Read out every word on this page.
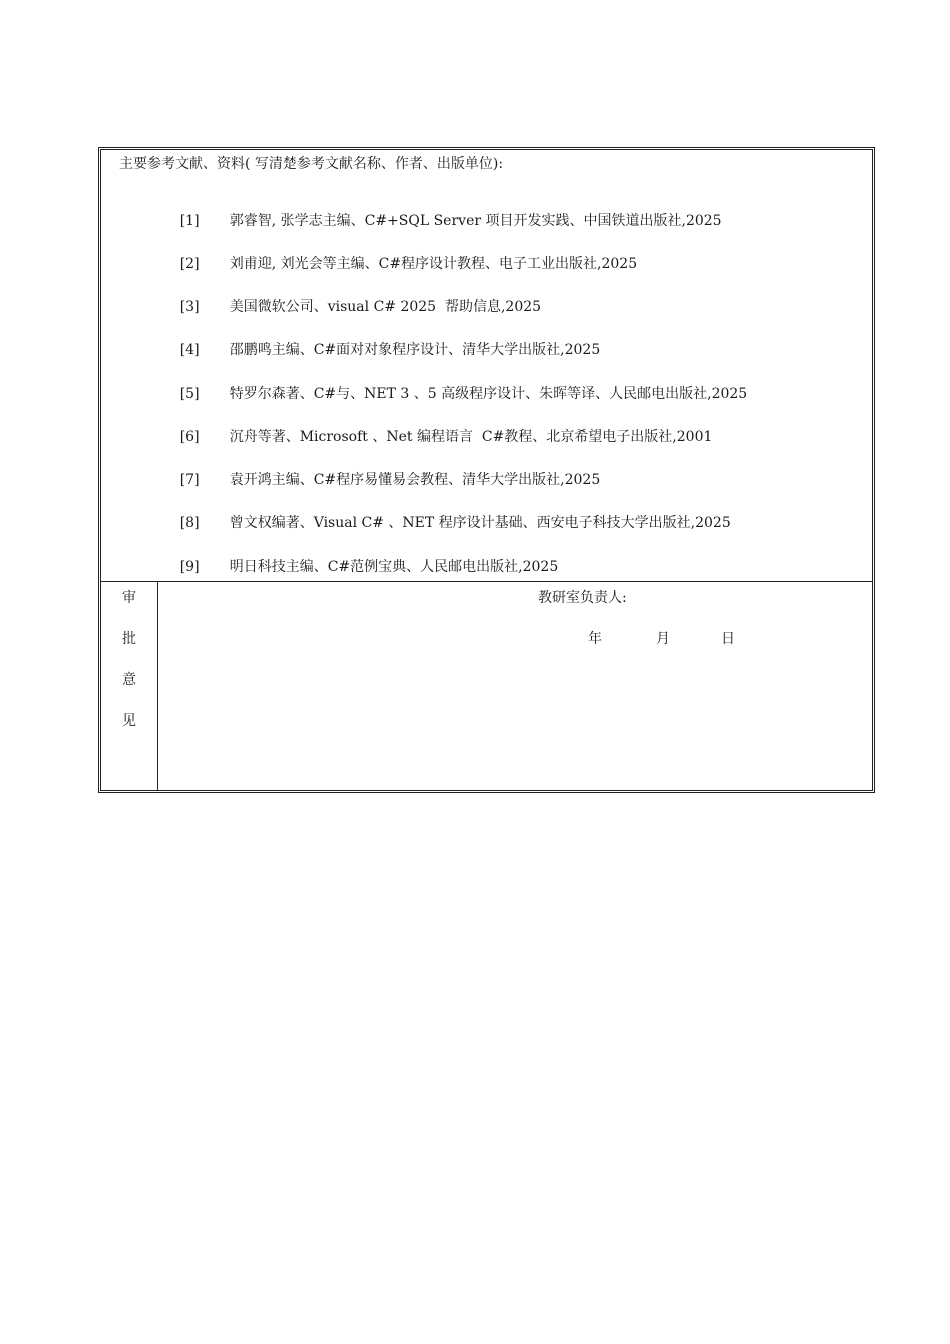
主要参考文献、资料( 写清楚参考文献名称、作者、出版单位):

[1] 郭睿智, 张学志主编、C#+SQL Server 项目开发实践、中国铁道出版社,2025

[2] 刘甫迎, 刘光会等主编、C#程序设计教程、电子工业出版社,2025

[3] 美国微软公司、visual C# 2025  帮助信息,2025

[4] 邵鹏鸣主编、C#面对对象程序设计、清华大学出版社,2025

[5] 特罗尔森著、C#与、NET 3 、5 高级程序设计、朱晖等译、人民邮电出版社,2025

[6] 沉舟等著、Microsoft 、Net 编程语言  C#教程、北京希望电子出版社,2001

[7] 袁开鸿主编、C#程序易懂易会教程、清华大学出版社,2025

[8] 曾文权编著、Visual C# 、NET 程序设计基础、西安电子科技大学出版社,2025

[9] 明日科技主编、C#范例宝典、人民邮电出版社,2025

审
批
意
见
教研室负责人:
年	月	日
